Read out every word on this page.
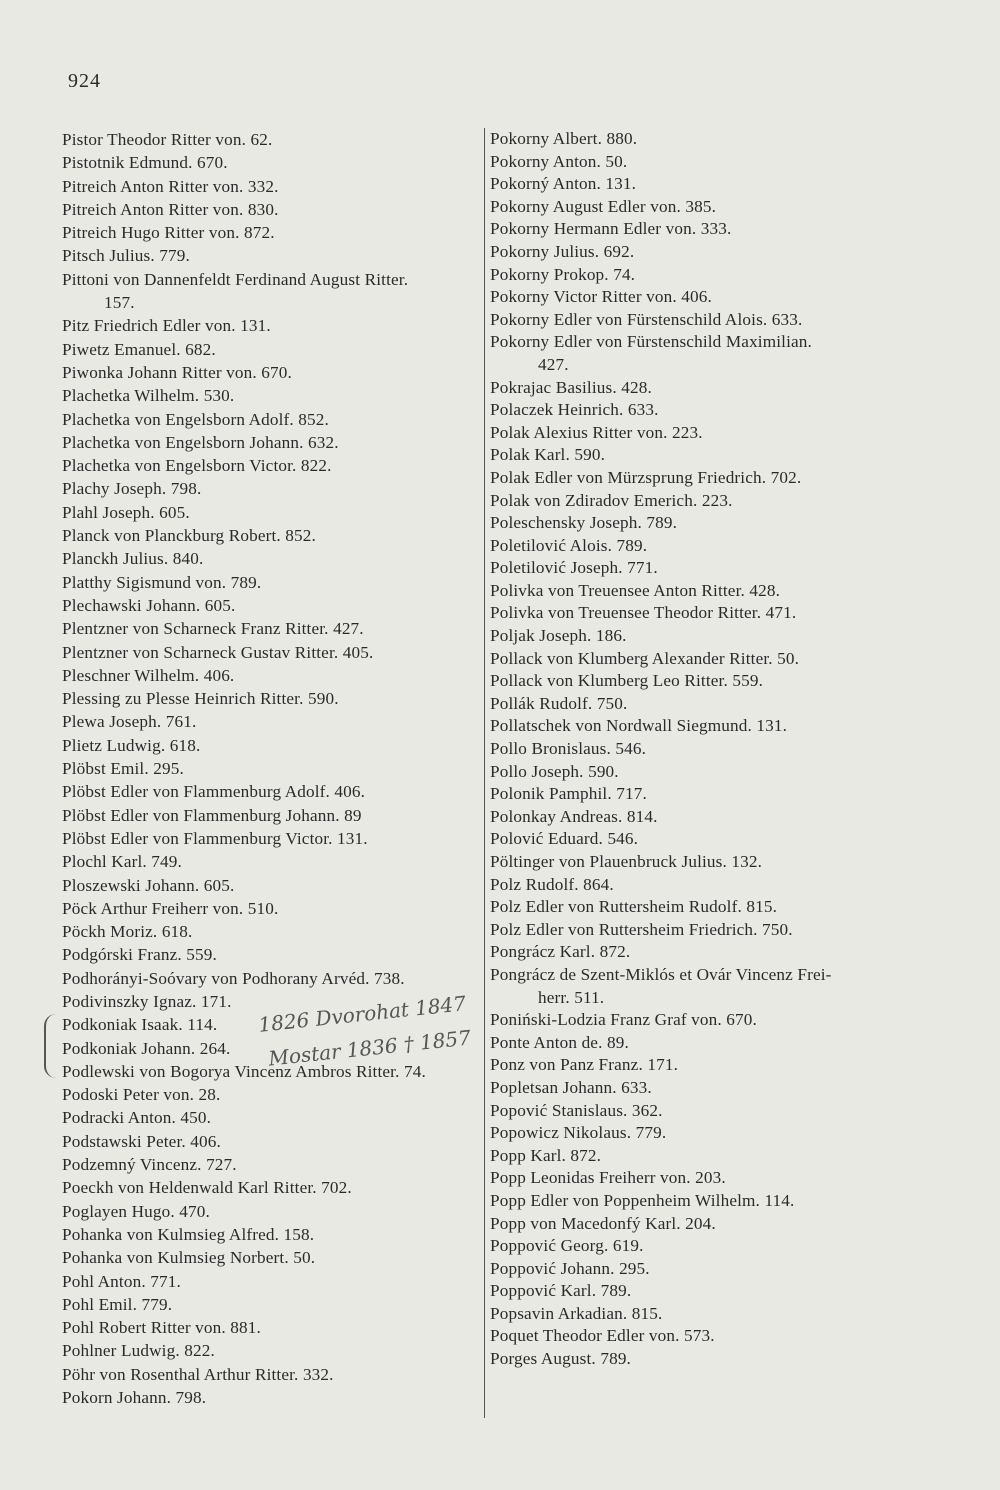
924
Pistor Theodor Ritter von. 62.
Pistotnik Edmund. 670.
Pitreich Anton Ritter von. 332.
Pitreich Anton Ritter von. 830.
Pitreich Hugo Ritter von. 872.
Pitsch Julius. 779.
Pittoni von Dannenfeldt Ferdinand August Ritter.
157.
Pitz Friedrich Edler von. 131.
Piwetz Emanuel. 682.
Piwonka Johann Ritter von. 670.
Plachetka Wilhelm. 530.
Plachetka von Engelsborn Adolf. 852.
Plachetka von Engelsborn Johann. 632.
Plachetka von Engelsborn Victor. 822.
Plachy Joseph. 798.
Plahl Joseph. 605.
Planck von Planckburg Robert. 852.
Planckh Julius. 840.
Platthy Sigismund von. 789.
Plechawski Johann. 605.
Plentzner von Scharneck Franz Ritter. 427.
Plentzner von Scharneck Gustav Ritter. 405.
Pleschner Wilhelm. 406.
Plessing zu Plesse Heinrich Ritter. 590.
Plewa Joseph. 761.
Plietz Ludwig. 618.
Plöbst Emil. 295.
Plöbst Edler von Flammenburg Adolf. 406.
Plöbst Edler von Flammenburg Johann. 89
Plöbst Edler von Flammenburg Victor. 131.
Plochl Karl. 749.
Ploszewski Johann. 605.
Pöck Arthur Freiherr von. 510.
Pöckh Moriz. 618.
Podgórski Franz. 559.
Podhorányi-Soóvary von Podhorany Arvéd. 738.
Podivinszky Ignaz. 171.
Podkoniak Isaak. 114.
Podkoniak Johann. 264.
Podlewski von Bogorya Vincenz Ambros Ritter. 74.
Podoski Peter von. 28.
Podracki Anton. 450.
Podstawski Peter. 406.
Podzemný Vincenz. 727.
Poeckh von Heldenwald Karl Ritter. 702.
Poglayen Hugo. 470.
Pohanka von Kulmsieg Alfred. 158.
Pohanka von Kulmsieg Norbert. 50.
Pohl Anton. 771.
Pohl Emil. 779.
Pohl Robert Ritter von. 881.
Pohlner Ludwig. 822.
Pöhr von Rosenthal Arthur Ritter. 332.
Pokorn Johann. 798.
Pokorny Albert. 880.
Pokorny Anton. 50.
Pokorný Anton. 131.
Pokorny August Edler von. 385.
Pokorny Hermann Edler von. 333.
Pokorny Julius. 692.
Pokorny Prokop. 74.
Pokorny Victor Ritter von. 406.
Pokorny Edler von Fürstenschild Alois. 633.
Pokorny Edler von Fürstenschild Maximilian.
427.
Pokrajac Basilius. 428.
Polaczek Heinrich. 633.
Polak Alexius Ritter von. 223.
Polak Karl. 590.
Polak Edler von Mürzsprung Friedrich. 702.
Polak von Zdiradov Emerich. 223.
Poleschensky Joseph. 789.
Poletilović Alois. 789.
Poletilović Joseph. 771.
Polivka von Treuensee Anton Ritter. 428.
Polivka von Treuensee Theodor Ritter. 471.
Poljak Joseph. 186.
Pollack von Klumberg Alexander Ritter. 50.
Pollack von Klumberg Leo Ritter. 559.
Pollák Rudolf. 750.
Pollatschek von Nordwall Siegmund. 131.
Pollo Bronislaus. 546.
Pollo Joseph. 590.
Polonik Pamphil. 717.
Polonkay Andreas. 814.
Polović Eduard. 546.
Pöltinger von Plauenbruck Julius. 132.
Polz Rudolf. 864.
Polz Edler von Ruttersheim Rudolf. 815.
Polz Edler von Ruttersheim Friedrich. 750.
Pongrácz Karl. 872.
Pongrácz de Szent-Miklós et Ovár Vincenz Frei-
herr. 511.
Poniński-Lodzia Franz Graf von. 670.
Ponte Anton de. 89.
Ponz von Panz Franz. 171.
Popletsan Johann. 633.
Popović Stanislaus. 362.
Popowicz Nikolaus. 779.
Popp Karl. 872.
Popp Leonidas Freiherr von. 203.
Popp Edler von Poppenheim Wilhelm. 114.
Popp von Macedonfý Karl. 204.
Poppović Georg. 619.
Poppović Johann. 295.
Poppović Karl. 789.
Popsavin Arkadian. 815.
Poquet Theodor Edler von. 573.
Porges August. 789.
1826 Dvorohat 1847
Mostar 1836 † 1857
